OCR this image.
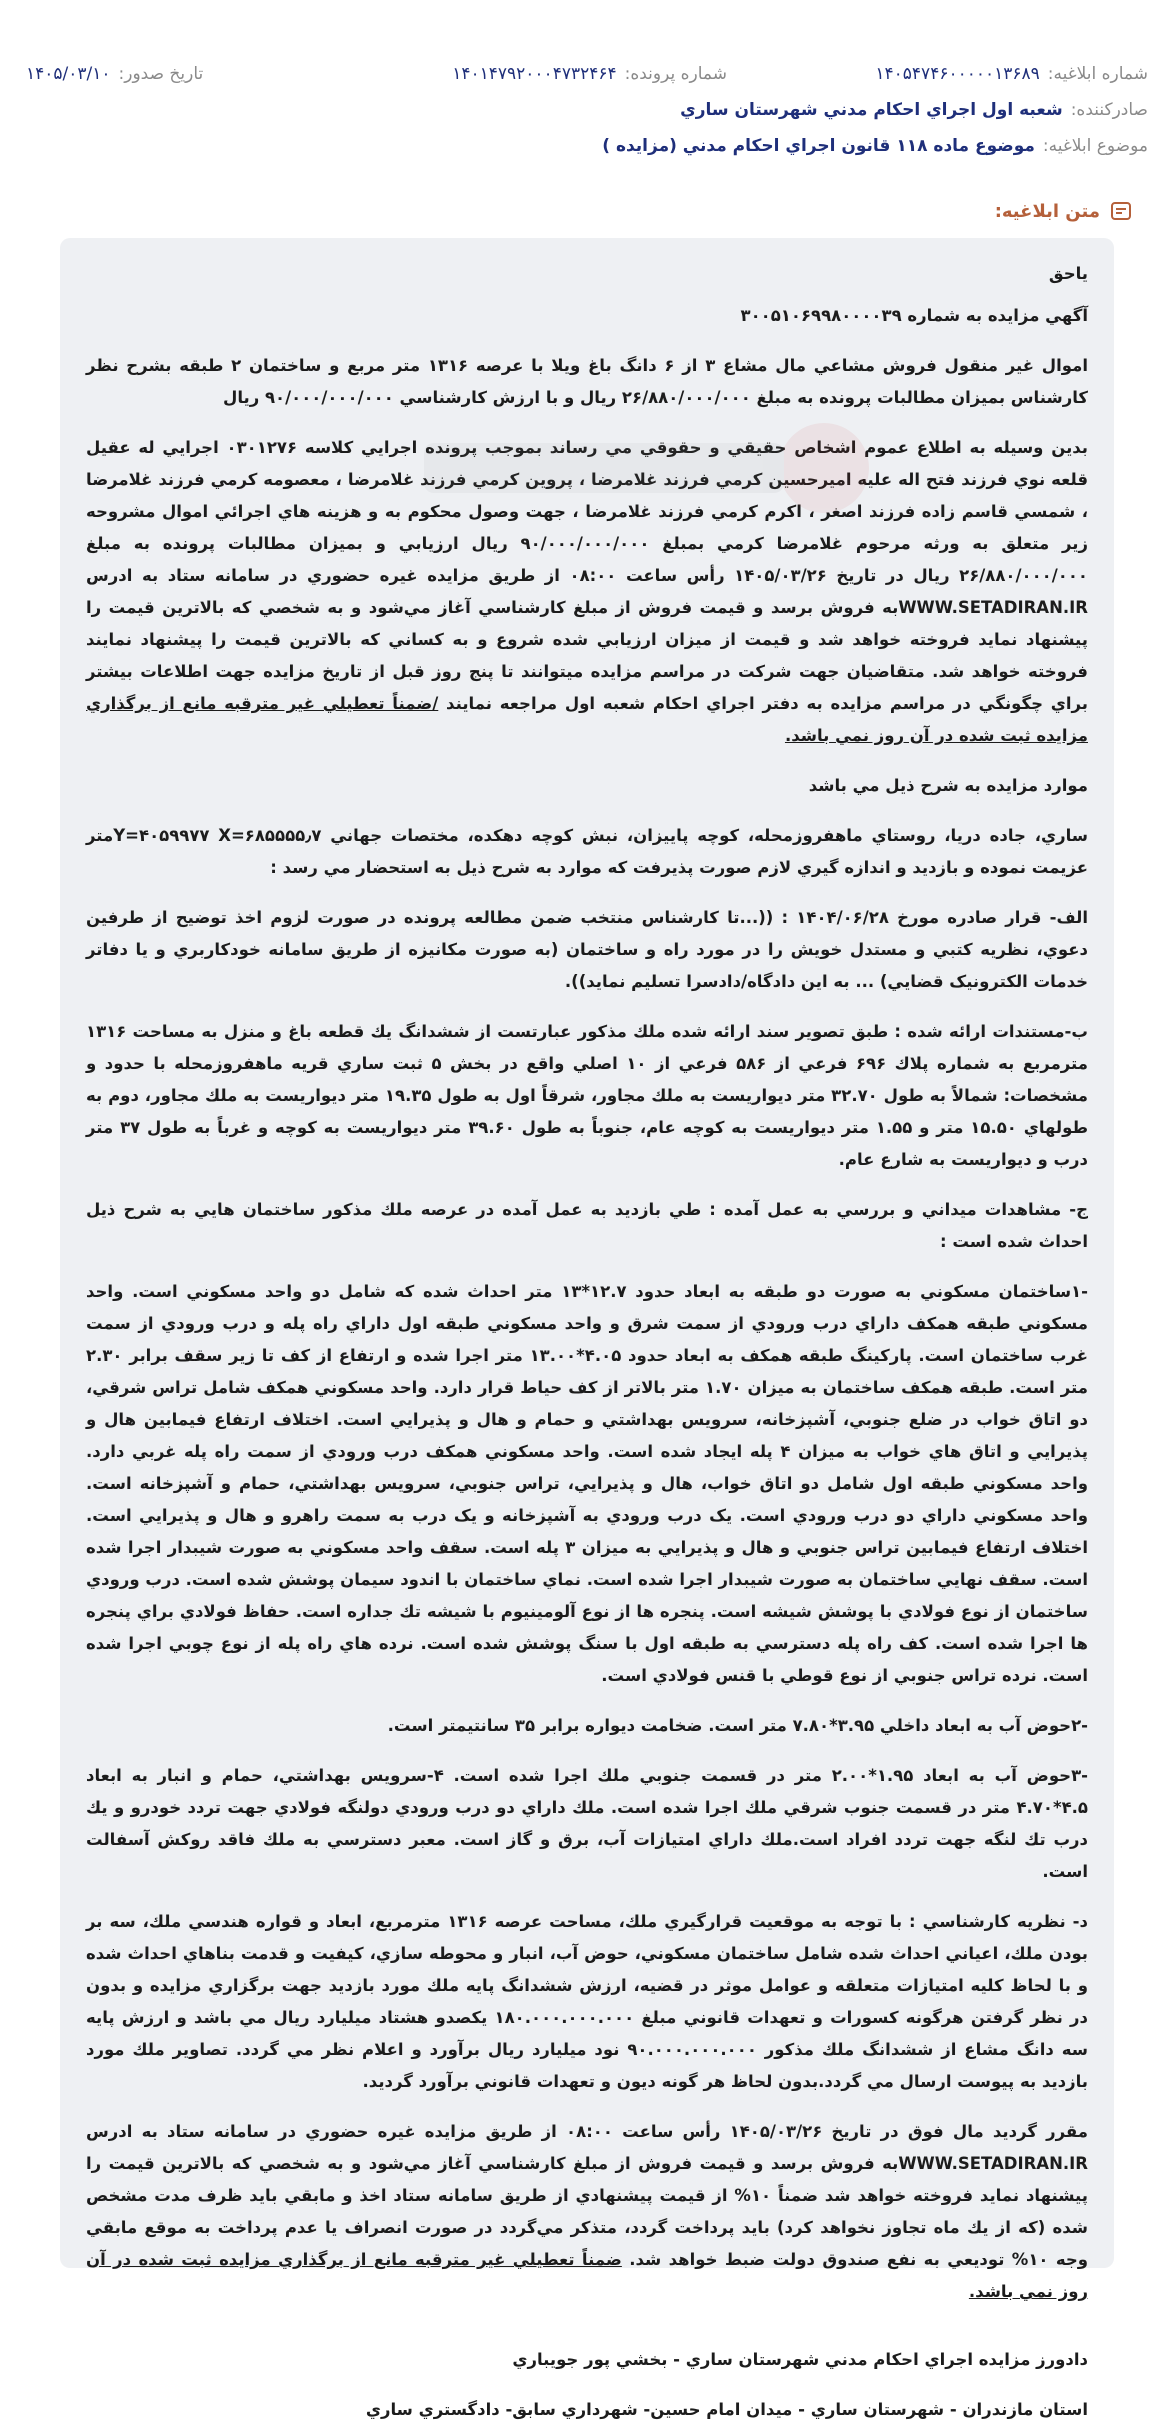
شماره ابلاغيه:
۱۴۰۵۴۷۴۶۰۰۰۰۰۱۳۶۸۹
شماره پرونده:
۱۴۰۱۴۷۹۲۰۰۰۴۷۳۲۴۶۴
تاريخ صدور:
۱۴۰۵/۰۳/۱۰
صادرکننده:
شعبه اول اجراي احکام مدني شهرستان ساري
موضوع ابلاغيه:
موضوع ماده ۱۱۸ قانون اجراي احکام مدني (مزايده )
متن ابلاغيه:

ياحق

آگهي مزايده به شماره ۳۰۰۵۱۰۶۹۹۸۰۰۰۰۳۹

اموال غير منقول فروش مشاعي مال مشاع ۳ از ۶ دانگ باغ ويلا با عرصه ۱۳۱۶ متر مربع و ساختمان ۲ طبقه بشرح نظر کارشناس بميزان مطالبات پرونده به مبلغ ۲۶/۸۸۰/۰۰۰/۰۰۰ ريال و با ارزش کارشناسي ۹۰/۰۰۰/۰۰۰/۰۰۰ ريال

بدين وسيله به اطلاع عموم اشخاص حقيقي و حقوقي مي رساند بموجب پرونده اجرايي کلاسه ۰۳۰۱۲۷۶ اجرايي له عقيل قلعه نوي فرزند فتح اله عليه اميرحسين کرمي فرزند غلامرضا ، پروين کرمي فرزند غلامرضا ، معصومه کرمي فرزند غلامرضا ، شمسي قاسم زاده فرزند اصغر ، اکرم کرمي فرزند غلامرضا ، جهت وصول محکوم به و هزينه هاي اجرائي اموال مشروحه زير متعلق به ورثه مرحوم غلامرضا کرمي بمبلغ ۹۰/۰۰۰/۰۰۰/۰۰۰ ريال ارزيابي و بميزان مطالبات پرونده به مبلغ ۲۶/۸۸۰/۰۰۰/۰۰۰ ريال در تاريخ ۱۴۰۵/۰۳/۲۶ رأس ساعت ۰۸:۰۰ از طريق مزايده غيره حضوري در سامانه ستاد به ادرس WWW.SETADIRAN.IRبه فروش برسد و قيمت فروش از مبلغ کارشناسي آغاز مي‌شود و به شخصي که بالاترين قيمت را پيشنهاد نمايد فروخته خواهد شد و قيمت از ميزان ارزيابي شده شروع و به کساني که بالاترين قيمت را پيشنهاد نمايند فروخته خواهد شد. متقاضيان جهت شرکت در مراسم مزايده ميتوانند تا پنج روز قبل از تاريخ مزايده جهت اطلاعات بيشتر براي چگونگي در مراسم مزايده به دفتر اجراي احکام شعبه اول مراجعه نمايند /ضمناً تعطيلي غير مترقبه مانع از برگذاري مزايده ثبت شده در آن روز نمي باشد.

موارد مزايده به شرح ذيل مي باشد

ساري، جاده دريا، روستاي ماهفروزمحله، کوچه پاييزان، نبش کوچه دهکده، مختصات جهاني Y=۴۰۵۹۹۷۷ X=۶۸۵۵۵۵٫۷متر عزيمت نموده و بازديد و اندازه گيري لازم صورت پذيرفت که موارد به شرح ذيل به استحضار مي رسد :

الف- قرار صادره مورخ ۱۴۰۴/۰۶/۲۸ : ((...تا کارشناس منتخب ضمن مطالعه پرونده در صورت لزوم اخذ توضيح از طرفين دعوي، نظريه کتبي و مستدل خويش را در مورد راه و ساختمان (به صورت مکانيزه از طريق سامانه خودکاربري و يا دفاتر خدمات الکترونيک قضايي) ... به اين دادگاه/دادسرا تسليم نمايد)).

ب-مستندات ارائه شده : طبق تصوير سند ارائه شده ملك مذكور عبارتست از ششدانگ يك قطعه باغ و منزل به مساحت ۱۳۱۶ مترمربع به شماره پلاك ۶۹۶ فرعي از ۵۸۶ فرعي از ۱۰ اصلي واقع در بخش ۵ ثبت ساري قريه ماهفروزمحله با حدود و مشخصات: شمالاً به طول ۳۲.۷۰ متر ديواريست به ملك مجاور، شرقاً اول به طول ۱۹.۳۵ متر ديواريست به ملك مجاور، دوم به طولهاي ۱۵.۵۰ متر و ۱.۵۵ متر ديواريست به كوچه عام، جنوباً به طول ۳۹.۶۰ متر ديواريست به كوچه و غرباً به طول ۳۷ متر درب و ديواريست به شارع عام.

ج- مشاهدات ميداني و بررسي به عمل آمده : طي بازديد به عمل آمده در عرصه ملك مذكور ساختمان هايي به شرح ذيل احداث شده است :

-۱ساختمان مسکوني به صورت دو طبقه به ابعاد حدود ۱۲.۷*۱۳ متر احداث شده که شامل دو واحد مسکوني است. واحد مسکوني طبقه همکف داراي درب ورودي از سمت شرق و واحد مسکوني طبقه اول داراي راه پله و درب ورودي از سمت غرب ساختمان است. پارکينگ طبقه همکف به ابعاد حدود ۴.۰۵*۱۳.۰۰ متر اجرا شده و ارتفاع از کف تا زير سقف برابر ۲.۳۰ متر است. طبقه همکف ساختمان به ميزان ۱.۷۰ متر بالاتر از کف حياط قرار دارد. واحد مسکوني همکف شامل تراس شرقي، دو اتاق خواب در ضلع جنوبي، آشپزخانه، سرويس بهداشتي و حمام و هال و پذيرايي است. اختلاف ارتفاع فيمابين هال و پذيرايي و اتاق هاي خواب به ميزان ۴ پله ايجاد شده است. واحد مسکوني همکف درب ورودي از سمت راه پله غربي دارد. واحد مسکوني طبقه اول شامل دو اتاق خواب، هال و پذيرايي، تراس جنوبي، سرويس بهداشتي، حمام و آشپزخانه است. واحد مسکوني داراي دو درب ورودي است. يک درب ورودي به آشپزخانه و يک درب به سمت راهرو و هال و پذيرايي است. اختلاف ارتفاع فيمابين تراس جنوبي و هال و پذيرايي به ميزان ۳ پله است. سقف واحد مسکوني به صورت شيبدار اجرا شده است. سقف نهايي ساختمان به صورت شيبدار اجرا شده است. نماي ساختمان با اندود سيمان پوشش شده است. درب ورودي ساختمان از نوع فولادي با پوشش شيشه است. پنجره ها از نوع آلومينيوم با شيشه تك جداره است. حفاظ فولادي براي پنجره ها اجرا شده است. كف راه پله دسترسي به طبقه اول با سنگ پوشش شده است. نرده هاي راه پله از نوع چوبي اجرا شده است. نرده تراس جنوبي از نوع قوطي با قنس فولادي است.

-۲حوض آب به ابعاد داخلي ۳.۹۵*۷.۸۰ متر است. ضخامت ديواره برابر ۳۵ سانتيمتر است.

-۳حوض آب به ابعاد ۱.۹۵*۲.۰۰ متر در قسمت جنوبي ملك اجرا شده است. ۴-سرويس بهداشتي، حمام و انبار به ابعاد ۴.۵*۴.۷۰ متر در قسمت جنوب شرقي ملك اجرا شده است. ملك داراي دو درب ورودي دولنگه فولادي جهت تردد خودرو و يك درب تك لنگه جهت تردد افراد است.ملك داراي امتيازات آب، برق و گاز است. معبر دسترسي به ملك فاقد روكش آسفالت است.

د- نظريه کارشناسي : با توجه به موقعيت قرارگيري ملك، مساحت عرصه ۱۳۱۶ مترمربع، ابعاد و قواره هندسي ملك، سه بر بودن ملك، اعياني احداث شده شامل ساختمان مسكوني، حوض آب، انبار و محوطه سازي، كيفيت و قدمت بناهاي احداث شده و با لحاظ كليه امتيازات متعلقه و عوامل موثر در قضيه، ارزش ششدانگ پايه ملك مورد بازديد جهت برگزاري مزايده و بدون در نظر گرفتن هرگونه كسورات و تعهدات قانوني مبلغ ۱۸۰.۰۰۰.۰۰۰.۰۰۰ يكصدو هشتاد ميليارد ريال مي باشد و ارزش پايه سه دانگ مشاع از ششدانگ ملك مذكور ۹۰.۰۰۰.۰۰۰.۰۰۰ نود ميليارد ريال برآورد و اعلام نظر مي گردد. تصاوير ملك مورد بازديد به پيوست ارسال مي گردد.بدون لحاظ هر گونه ديون و تعهدات قانوني برآورد گرديد.

مقرر گرديد مال فوق در تاريخ ۱۴۰۵/۰۳/۲۶ رأس ساعت ۰۸:۰۰ از طريق مزايده غيره حضوري در سامانه ستاد به ادرس WWW.SETADIRAN.IRبه فروش برسد و قيمت فروش از مبلغ كارشناسي آغاز مي‌شود و به شخصي كه بالاترين قيمت را پيشنهاد نمايد فروخته خواهد شد ضمناً ۱۰% از قيمت پيشنهادي از طريق سامانه ستاد اخذ و مابقي بايد ظرف مدت مشخص شده (كه از يك ماه تجاوز نخواهد كرد) بايد پرداخت گردد، متذكر مي‌گردد در صورت انصراف يا عدم پرداخت به موقع مابقي وجه ۱۰% توديعي به نفع صندوق دولت ضبط خواهد شد. ضمناً تعطيلي غير مترقبه مانع از برگذاري مزايده ثبت شده در آن روز نمي باشد.

دادورز مزايده اجراي احکام مدني شهرستان ساري - بخشي پور جويباري

استان مازندران - شهرستان ساري - ميدان امام حسين- شهرداري سابق- دادگستري ساري
